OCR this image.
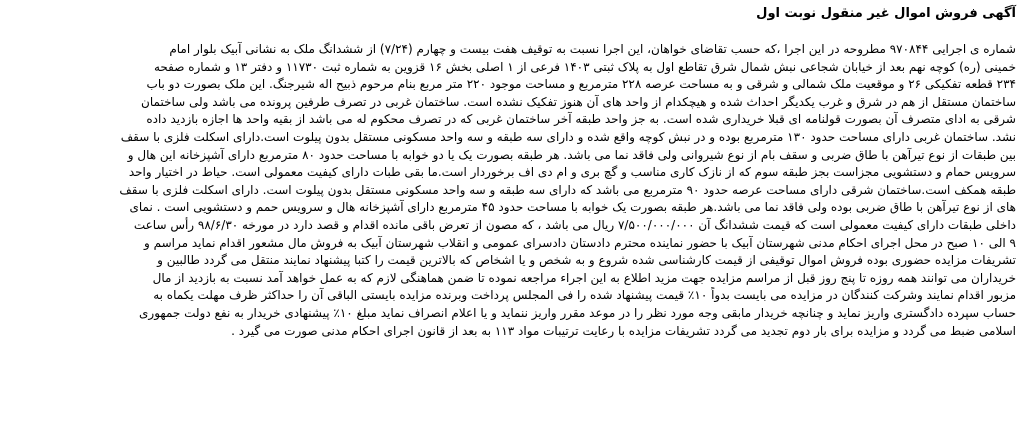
آگهی فروش اموال غیر منقول نوبت اول
شماره ی اجرایی ۹۷۰۸۴۴ مطروحه در این اجرا ،که حسب تقاضای خواهان، این اجرا نسبت به توقیف هفت بیست و چهارم (۷/۲۴) از ششدانگ ملک به نشانی آبیک بلوار امام
خمینی (ره) کوچه نهم بعد از خیابان شجاعی نبش شمال شرق تقاطع اول به پلاک ثبتی ۱۴۰۳ فرعی از ۱ اصلی بخش ۱۶ قزوین به شماره ثبت ۱۱۷۳۰ و دفتر ۱۳ و شماره صفحه
۲۳۴ قطعه تفکیکی ۲۶ و موقعیت ملک شمالی و شرقی و به مساحت عرصه ۲۲۸ مترمربع و مساحت موجود ۲۲۰ متر مربع بنام مرحوم ذبیح اله شیرجنگ. این ملک بصورت دو باب
ساختمان مستقل از هم در شرق و غرب یکدیگر احداث شده و هیچکدام از واحد های آن هنوز تفکیک نشده است. ساختمان غربی در تصرف طرفین پرونده می باشد ولی ساختمان
شرقی به ادای متصرف آن بصورت قولنامه ای قبلا خریداری شده است. به جز واحد طبقه آخر ساختمان غربی که در تصرف محکوم له می باشد از بقیه واحد ها اجازه بازدید داده
نشد. ساختمان غربی دارای مساحت حدود ۱۳۰ مترمربع بوده و در نبش کوچه واقع شده و دارای سه طبقه و سه واحد مسکونی مستقل بدون پیلوت است.دارای اسکلت فلزی با سقف
بین طبقات از نوع تیرآهن با طاق ضربی و سقف بام از نوع شیروانی ولی فاقد نما می باشد. هر طبقه بصورت یک یا دو خوابه با مساحت حدود ۸۰ مترمربع دارای آشپزخانه این هال و
سرویس حمام و دستشویی مجزاست بجز طبقه سوم که از نازک کاری مناسب و گچ بری و ام دی اف برخوردار است.ما بقی طبات دارای کیفیت معمولی است. حیاط در اختیار واحد
طبقه همکف است.ساختمان شرقی دارای مساحت عرصه حدود ۹۰ مترمربع می باشد که دارای سه طبقه و سه واحد مسکونی مستقل بدون پیلوت است. دارای اسکلت فلزی با سقف
های از نوع تیرآهن با طاق ضربی بوده ولی فاقد نما می باشد.هر طبقه بصورت یک خوابه با مساحت حدود ۴۵ مترمربع دارای آشپزخانه هال و سرویس حمم و دستشویی است . نمای
داخلی طبقات دارای کیفیت معمولی است که قیمت ششدانگ آن ۷/۵۰۰/۰۰۰/۰۰۰ ریال می باشد ، که مصون از تعرض باقی مانده اقدام و قصد دارد در مورخه ۹۸/۶/۳۰ رأس ساعت
۹ الی ۱۰ صبح در محل اجرای احکام مدنی شهرستان آبیک با حضور نماینده محترم دادستان دادسرای عمومی و انقلاب شهرستان آبیک به فروش مال مشعور اقدام نماید مراسم و
تشریفات مزایده حضوری بوده فروش اموال توقیفی از قیمت کارشناسی شده شروع و به شخص و یا اشخاص که بالاترین قیمت را کتبا پیشنهاد نمایند منتقل می گردد طالبین و
خریداران می توانند همه روزه تا پنج روز قبل از مراسم مزایده جهت مزید اطلاع به این اجراء مراجعه نموده تا ضمن هماهنگی لازم که به عمل خواهد آمد نسبت به بازدید از مال
مزبور اقدام نمایند وشرکت کنندگان در مزایده می بایست بدواً ۱۰٪ قیمت پیشنهاد شده را فی المجلس پرداخت وبرنده مزایده بایستی الباقی آن را حداکثر ظرف مهلت یکماه به
حساب سپرده دادگستری واریز نماید و چنانچه خریدار مابقی وجه مورد نظر را در موعد مقرر واریز ننماید و یا اعلام انصراف نماید مبلغ ۱۰٪ پیشنهادی خریدار به نفع دولت جمهوری
اسلامی ضبط می گردد و مزایده برای بار دوم تجدید می گردد تشریفات مزایده با رعایت ترتیبات مواد ۱۱۳ به بعد از قانون اجرای احکام مدنی صورت می گیرد .
